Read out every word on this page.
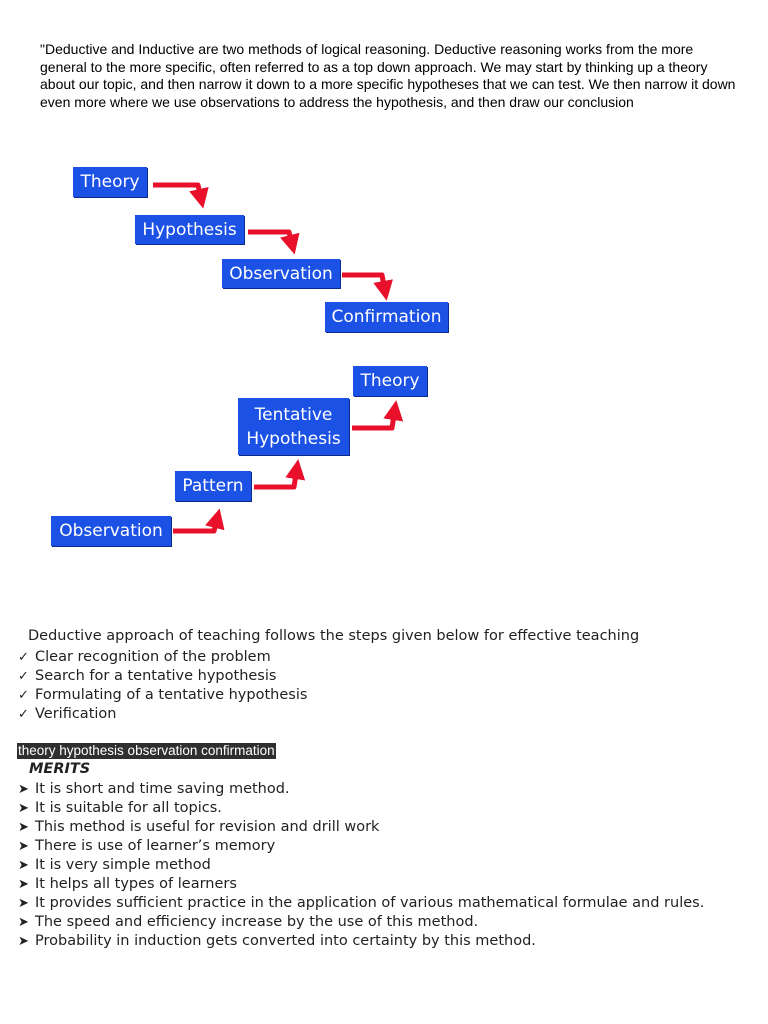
"Deductive and Inductive are two methods of logical reasoning. Deductive reasoning works from the more general to the more specific, often referred to as a top down approach. We may start by thinking up a theory about our topic, and then narrow it down to a more specific hypotheses that we can test. We then narrow it down even more where we use observations to address the hypothesis, and then draw our conclusion

Theory
Hypothesis
Observation
Confirmation
Theory
Tentative
Hypothesis
Pattern
Observation

Deductive approach of teaching follows the steps given below for effective teaching

✓ Clear recognition of the problem
✓ Search for a tentative hypothesis
✓ Formulating of a tentative hypothesis
✓ Verification
theory hypothesis observation confirmation

MERITS

➤ It is short and time saving method.
➤ It is suitable for all topics.
➤ This method is useful for revision and drill work
➤ There is use of learner’s memory
➤ It is very simple method
➤ It helps all types of learners
➤ It provides sufficient practice in the application of various mathematical formulae and rules.
➤ The speed and efficiency increase by the use of this method.
➤ Probability in induction gets converted into certainty by this method.
